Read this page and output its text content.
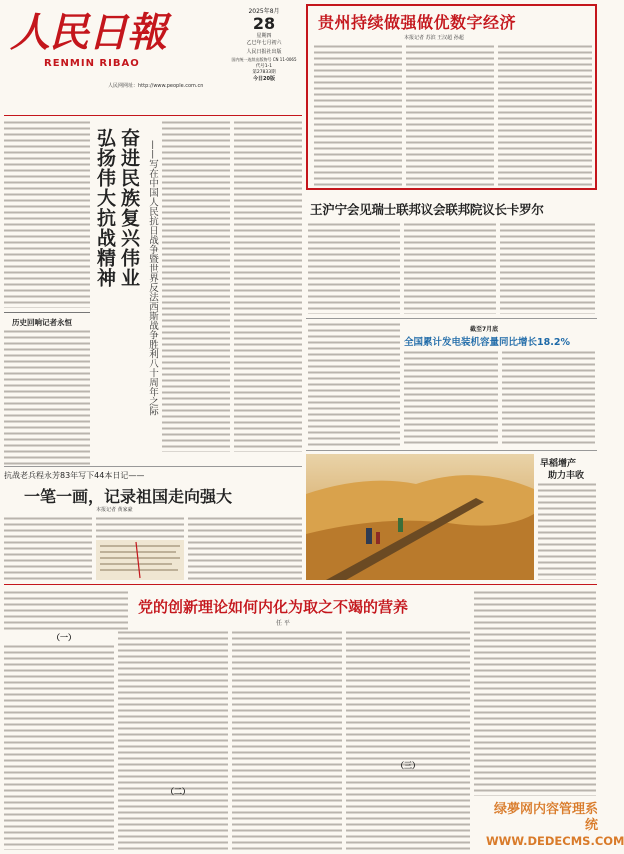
人民日報
RENMIN RIBAO
人民网网址：http://www.people.com.cn
2025年8月
28
星期四
乙巳年七月初六
人民日报社出版
国内统一连续出版物号 CN 11-0065
代号1-1
第27833期
今日20版
贵州持续做强做优数字经济
本报记者 苏滨 王汉超 孙超
历史回响记者永恒
弘扬伟大抗战精神 奋进民族复兴伟业 ——写在中国人民抗日战争暨世界反法西斯战争胜利八十周年之际	王沪宁会见瑞士联邦议会联邦院议长卡罗尔
截至7月底
全国累计发电装机容量同比增长18.2%
早稻增产
助力丰收
抗战老兵程永芳83年写下44本日记——
一笔一画，记录祖国走向强大
本报记者 黄家豪
党的创新理论如何内化为取之不竭的营养
任 平
（一）
（二）
（三）
绿夢网内容管理系统
WWW.DEDECMS.COM
